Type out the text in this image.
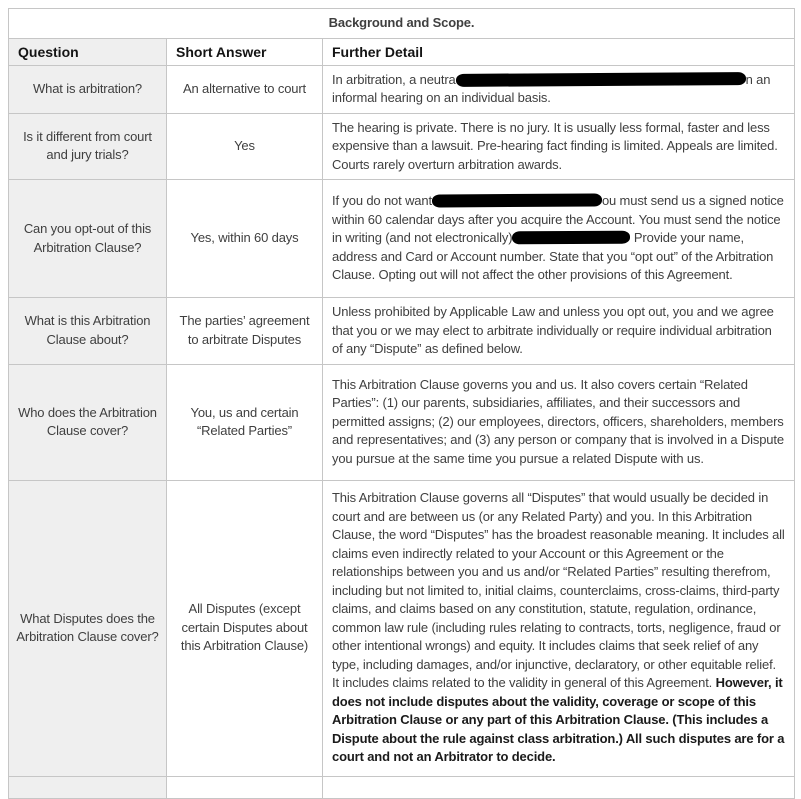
Background and Scope.		
Question	Short Answer	Further Detail
What is arbitration?	An alternative to court	In arbitration, a neutra n an informal hearing on an individual basis.
Is it different from court and jury trials?	Yes	The hearing is private. There is no jury. It is usually less formal, faster and less expensive than a lawsuit. Pre-hearing fact finding is limited. Appeals are limited. Courts rarely overturn arbitration awards.
Can you opt-out of this Arbitration Clause?	Yes, within 60 days	If you do not want ou must send us a signed notice within 60 calendar days after you acquire the Account. You must send the notice in writing (and not electronically) Provide your name, address and Card or Account number. State that you “opt out” of the Arbitration Clause. Opting out will not affect the other provisions of this Agreement.
What is this Arbitration Clause about?	The parties’ agreement to arbitrate Disputes	Unless prohibited by Applicable Law and unless you opt out, you and we agree that you or we may elect to arbitrate individually or require individual arbitration of any “Dispute” as defined below.
Who does the Arbitration Clause cover?	You, us and certain “Related Parties”	This Arbitration Clause governs you and us. It also covers certain “Related Parties”: (1) our parents, subsidiaries, affiliates, and their successors and permitted assigns; (2) our employees, directors, officers, shareholders, members and representatives; and (3) any person or company that is involved in a Dispute you pursue at the same time you pursue a related Dispute with us.
What Disputes does the Arbitration Clause cover?	All Disputes (except certain Disputes about this Arbitration Clause)	This Arbitration Clause governs all “Disputes” that would usually be decided in court and are between us (or any Related Party) and you. In this Arbitration Clause, the word “Disputes” has the broadest reasonable meaning. It includes all claims even indirectly related to your Account or this Agreement or the relationships between you and us and/or “Related Parties” resulting therefrom, including but not limited to, initial claims, counterclaims, cross-claims, third-party claims, and claims based on any constitution, statute, regulation, ordinance, common law rule (including rules relating to contracts, torts, negligence, fraud or other intentional wrongs) and equity. It includes claims that seek relief of any type, including damages, and/or injunctive, declaratory, or other equitable relief. It includes claims related to the validity in general of this Agreement. However, it does not include disputes about the validity, coverage or scope of this Arbitration Clause or any part of this Arbitration Clause. (This includes a Dispute about the rule against class arbitration.) All such disputes are for a court and not an Arbitrator to decide.
